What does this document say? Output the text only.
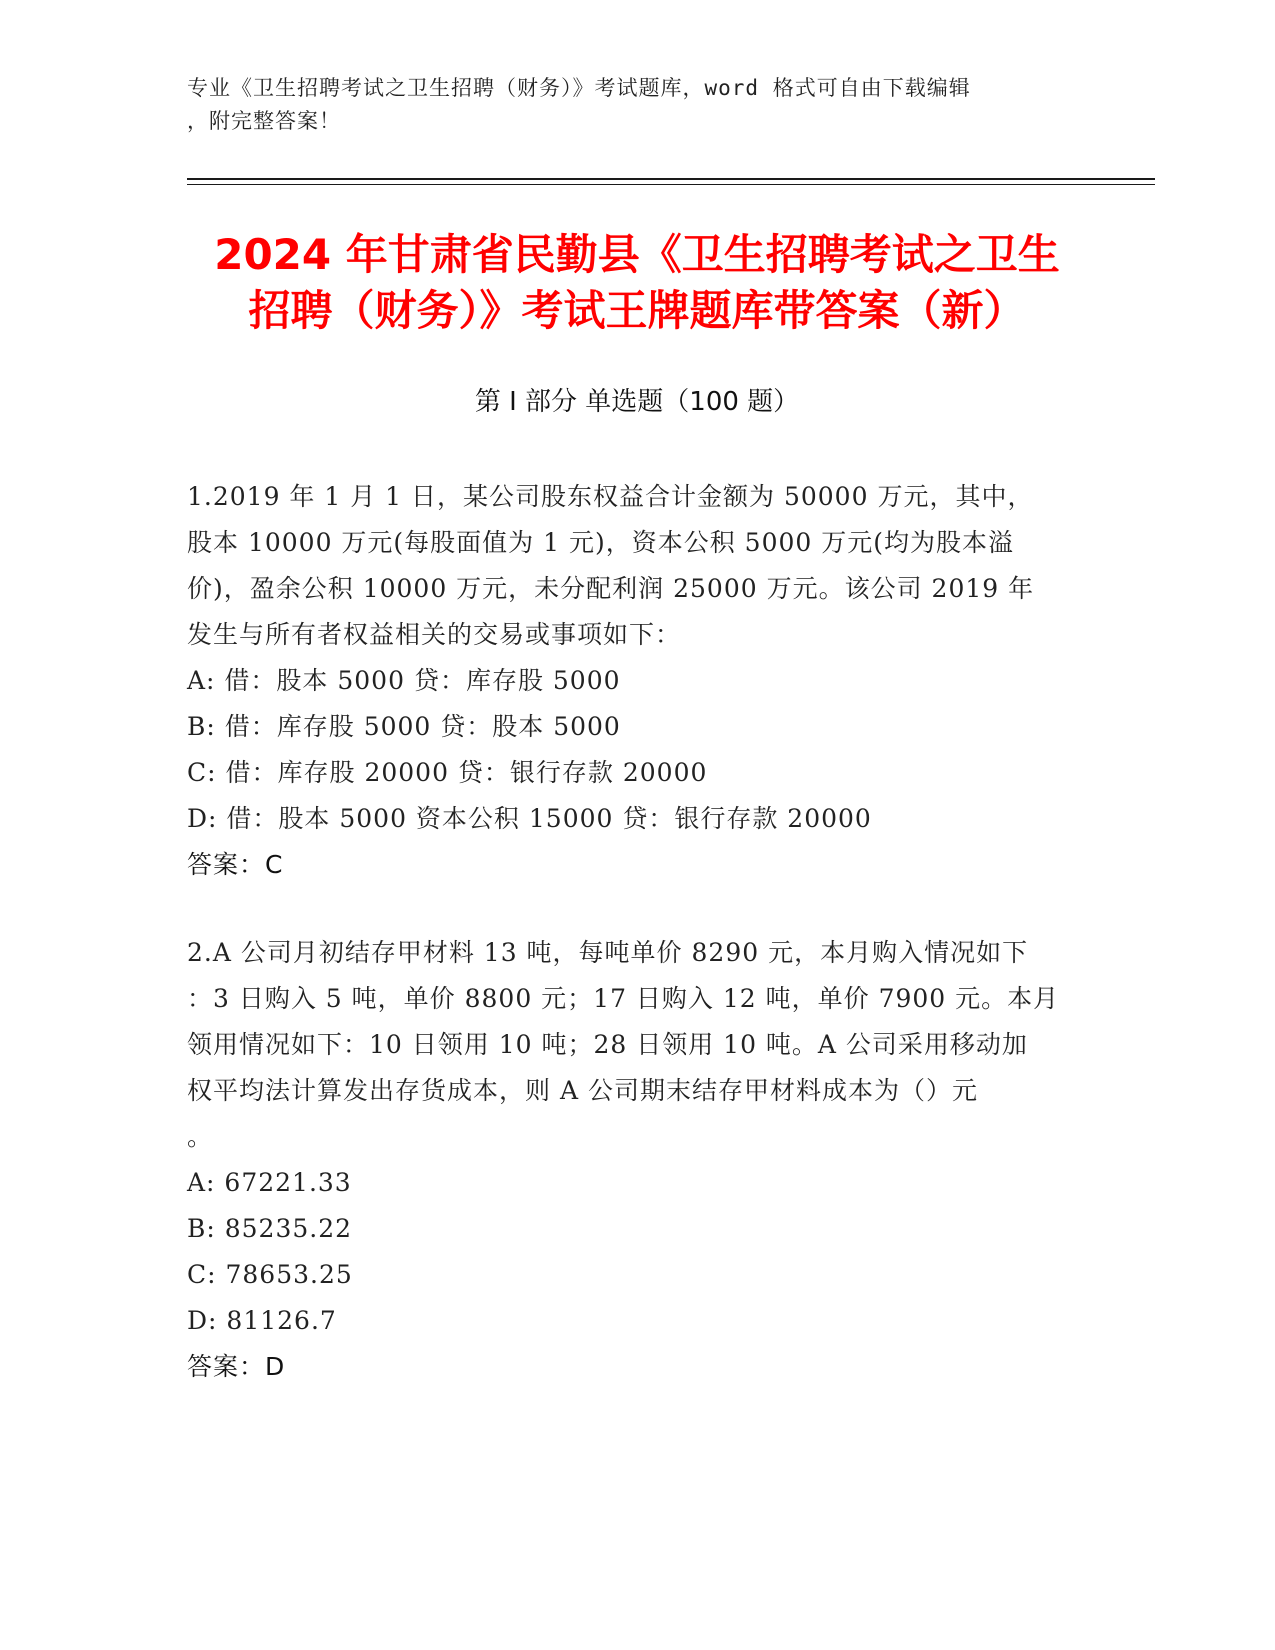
专业《卫生招聘考试之卫生招聘（财务）》考试题库，word 格式可自由下载编辑
，附完整答案！
2024 年甘肃省民勤县《卫生招聘考试之卫生
招聘（财务）》考试王牌题库带答案（新）
第 I 部分 单选题（100 题）
1.2019 年 1 月 1 日，某公司股东权益合计金额为 50000 万元，其中，
股本 10000 万元(每股面值为 1 元)，资本公积 5000 万元(均为股本溢
价)，盈余公积 10000 万元，未分配利润 25000 万元。该公司 2019 年
发生与所有者权益相关的交易或事项如下：
A: 借：股本 5000 贷：库存股 5000
B: 借：库存股 5000 贷：股本 5000
C: 借：库存股 20000 贷：银行存款 20000
D: 借：股本 5000 资本公积 15000 贷：银行存款 20000
答案：C
2.A 公司月初结存甲材料 13 吨，每吨单价 8290 元，本月购入情况如下
：3 日购入 5 吨，单价 8800 元；17 日购入 12 吨，单价 7900 元。本月
领用情况如下：10 日领用 10 吨；28 日领用 10 吨。A 公司采用移动加
权平均法计算发出存货成本，则 A 公司期末结存甲材料成本为（）元
。
A: 67221.33
B: 85235.22
C: 78653.25
D: 81126.7
答案：D
